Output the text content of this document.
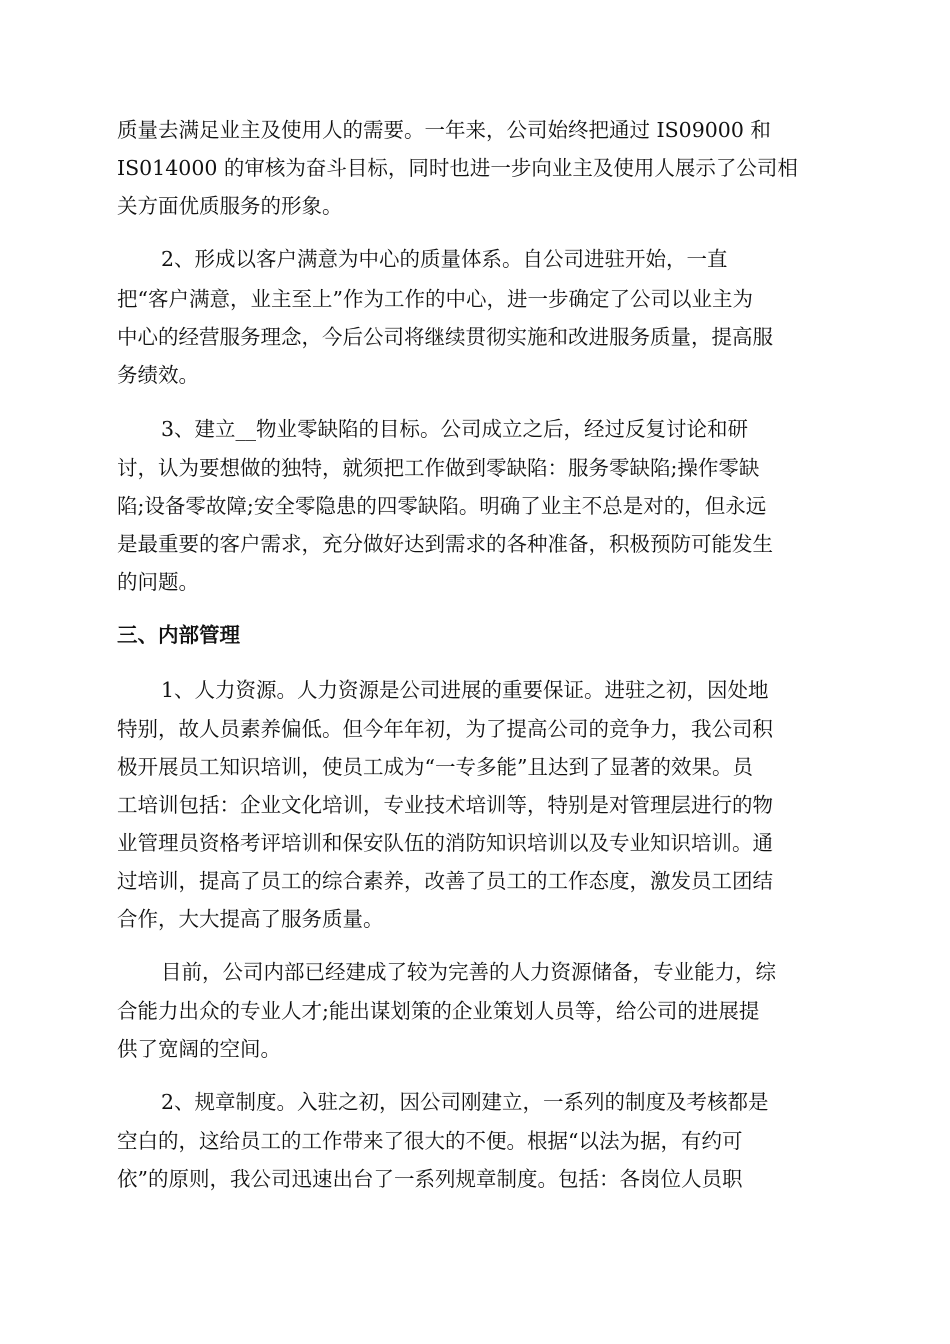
质量去满足业主及使用人的需要。一年来，公司始终把通过 IS09000 和
IS014000 的审核为奋斗目标，同时也进一步向业主及使用人展示了公司相
关方面优质服务的形象。
2、形成以客户满意为中心的质量体系。自公司进驻开始，一直
把“客户满意，业主至上”作为工作的中心，进一步确定了公司以业主为
中心的经营服务理念，今后公司将继续贯彻实施和改进服务质量，提高服
务绩效。
3、建立__物业零缺陷的目标。公司成立之后，经过反复讨论和研
讨，认为要想做的独特，就须把工作做到零缺陷：服务零缺陷;操作零缺
陷;设备零故障;安全零隐患的四零缺陷。明确了业主不总是对的，但永远
是最重要的客户需求，充分做好达到需求的各种准备，积极预防可能发生
的问题。
三、内部管理
1、人力资源。人力资源是公司进展的重要保证。进驻之初，因处地
特别，故人员素养偏低。但今年年初，为了提高公司的竞争力，我公司积
极开展员工知识培训，使员工成为“一专多能”且达到了显著的效果。员
工培训包括：企业文化培训，专业技术培训等，特别是对管理层进行的物
业管理员资格考评培训和保安队伍的消防知识培训以及专业知识培训。通
过培训，提高了员工的综合素养，改善了员工的工作态度，激发员工团结
合作，大大提高了服务质量。
目前，公司内部已经建成了较为完善的人力资源储备，专业能力，综
合能力出众的专业人才;能出谋划策的企业策划人员等，给公司的进展提
供了宽阔的空间。
2、规章制度。入驻之初，因公司刚建立，一系列的制度及考核都是
空白的，这给员工的工作带来了很大的不便。根据“以法为据，有约可
依”的原则，我公司迅速出台了一系列规章制度。包括：各岗位人员职
